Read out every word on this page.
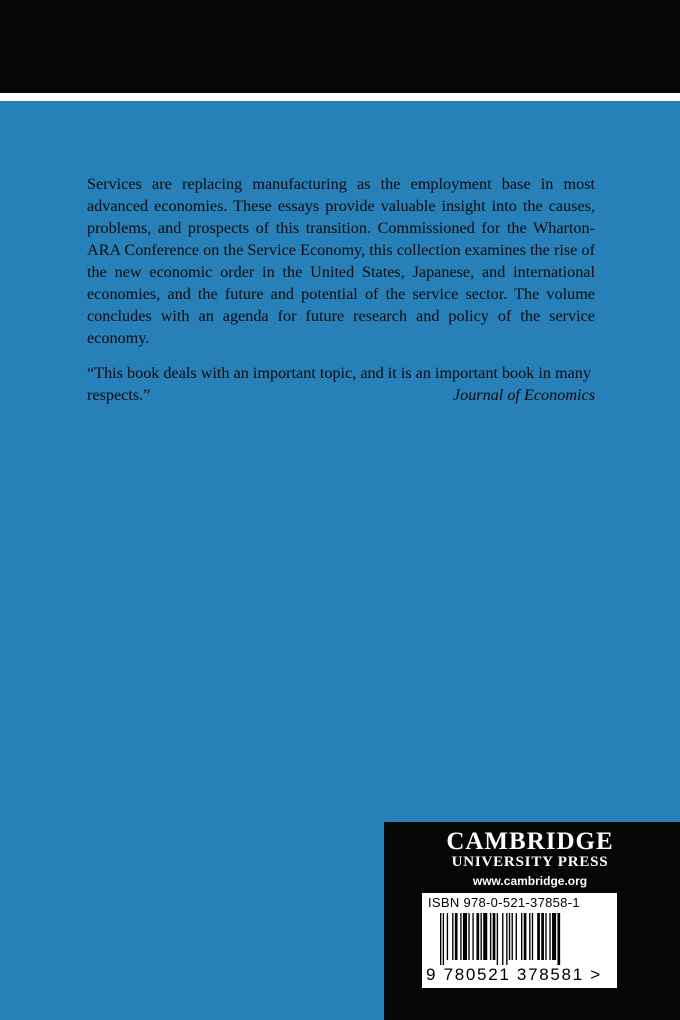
Services are replacing manufacturing as the employment base in most advanced economies. These essays provide valuable insight into the causes, problems, and prospects of this transition. Commissioned for the Wharton-ARA Conference on the Service Economy, this collection examines the rise of the new economic order in the United States, Japanese, and international economies, and the future and potential of the service sector. The volume concludes with an agenda for future research and policy of the service economy.

“This book deals with an important topic, and it is an important book in many respects.”	Journal of Economics
CAMBRIDGE
UNIVERSITY PRESS
www.cambridge.org
ISBN 978-0-521-37858-1
9 780521 378581 >
